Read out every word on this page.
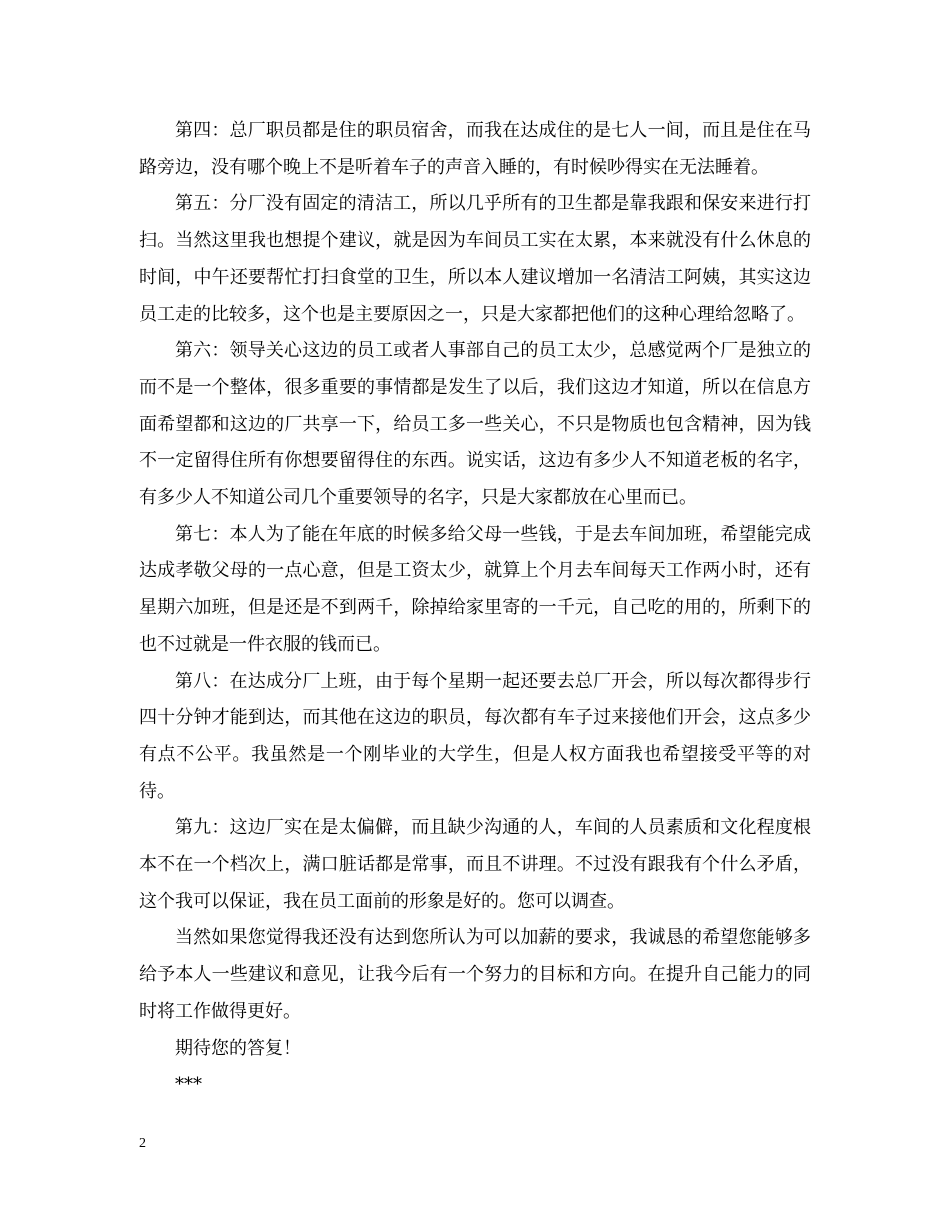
第四：总厂职员都是住的职员宿舍，而我在达成住的是七人一间，而且是住在马路旁边，没有哪个晚上不是听着车子的声音入睡的，有时候吵得实在无法睡着。

第五：分厂没有固定的清洁工，所以几乎所有的卫生都是靠我跟和保安来进行打扫。当然这里我也想提个建议，就是因为车间员工实在太累，本来就没有什么休息的时间，中午还要帮忙打扫食堂的卫生，所以本人建议增加一名清洁工阿姨，其实这边员工走的比较多，这个也是主要原因之一，只是大家都把他们的这种心理给忽略了。

第六：领导关心这边的员工或者人事部自己的员工太少，总感觉两个厂是独立的而不是一个整体，很多重要的事情都是发生了以后，我们这边才知道，所以在信息方面希望都和这边的厂共享一下，给员工多一些关心，不只是物质也包含精神，因为钱不一定留得住所有你想要留得住的东西。说实话，这边有多少人不知道老板的名字，有多少人不知道公司几个重要领导的名字，只是大家都放在心里而已。

第七：本人为了能在年底的时候多给父母一些钱，于是去车间加班，希望能完成达成孝敬父母的一点心意，但是工资太少，就算上个月去车间每天工作两小时，还有星期六加班，但是还是不到两千，除掉给家里寄的一千元，自己吃的用的，所剩下的也不过就是一件衣服的钱而已。

第八：在达成分厂上班，由于每个星期一起还要去总厂开会，所以每次都得步行四十分钟才能到达，而其他在这边的职员，每次都有车子过来接他们开会，这点多少有点不公平。我虽然是一个刚毕业的大学生，但是人权方面我也希望接受平等的对待。

第九：这边厂实在是太偏僻，而且缺少沟通的人，车间的人员素质和文化程度根本不在一个档次上，满口脏话都是常事，而且不讲理。不过没有跟我有个什么矛盾，这个我可以保证，我在员工面前的形象是好的。您可以调查。

当然如果您觉得我还没有达到您所认为可以加薪的要求，我诚恳的希望您能够多给予本人一些建议和意见，让我今后有一个努力的目标和方向。在提升自己能力的同时将工作做得更好。

期待您的答复！

***

2
